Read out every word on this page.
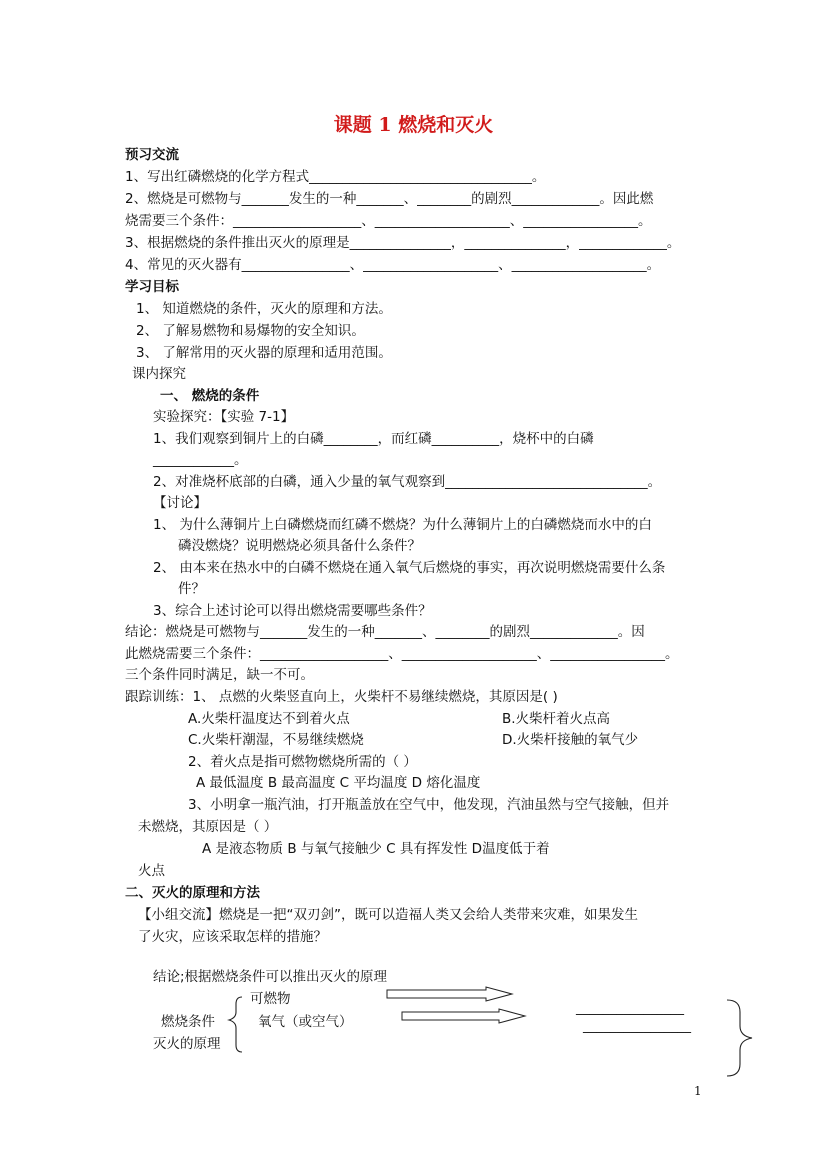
课题 1 燃烧和灭火
预习交流
1、写出红磷燃烧的化学方程式_________________________________。
2、燃烧是可燃物与_______发生的一种_______、________的剧烈_____________。因此燃
烧需要三个条件：___________________、____________________、_________________。
3、根据燃烧的条件推出灭火的原理是_______________，_______________，_____________。
4、常见的灭火器有________________、____________________、____________________。
学习目标
1、 知道燃烧的条件，灭火的原理和方法。
2、 了解易燃物和易爆物的安全知识。
3、 了解常用的灭火器的原理和适用范围。
课内探究
一、 燃烧的条件
实验探究：【实验 7-1】
1、我们观察到铜片上的白磷________，而红磷__________，烧杯中的白磷
____________。
2、对准烧杯底部的白磷，通入少量的氧气观察到______________________________。
【讨论】
1、 为什么薄铜片上白磷燃烧而红磷不燃烧？为什么薄铜片上的白磷燃烧而水中的白
磷没燃烧？说明燃烧必须具备什么条件？
2、 由本来在热水中的白磷不燃烧在通入氧气后燃烧的事实，再次说明燃烧需要什么条
件？
3、综合上述讨论可以得出燃烧需要哪些条件？
结论：燃烧是可燃物与_______发生的一种_______、________的剧烈_____________。因
此燃烧需要三个条件：___________________、____________________、_________________。
三个条件同时满足，缺一不可。
跟踪训练：1、 点燃的火柴竖直向上，火柴杆不易继续燃烧，其原因是( )
A.火柴杆温度达不到着火点	B.火柴杆着火点高
C.火柴杆潮湿，不易继续燃烧	D.火柴杆接触的氧气少
2、着火点是指可燃物燃烧所需的（ ）
A 最低温度 B 最高温度 C 平均温度 D 熔化温度
3、小明拿一瓶汽油，打开瓶盖放在空气中，他发现，汽油虽然与空气接触，但并
未燃烧，其原因是（ ）
A 是液态物质 B 与氧气接触少 C 具有挥发性 D温度低于着
火点
二、灭火的原理和方法
【小组交流】燃烧是一把“双刃剑”，既可以造福人类又会给人类带来灾难，如果发生
了火灾，应该采取怎样的措施？
结论;根据燃烧条件可以推出灭火的原理
可燃物
燃烧条件	氧气（或空气）
灭火的原理
________________
________________
1
